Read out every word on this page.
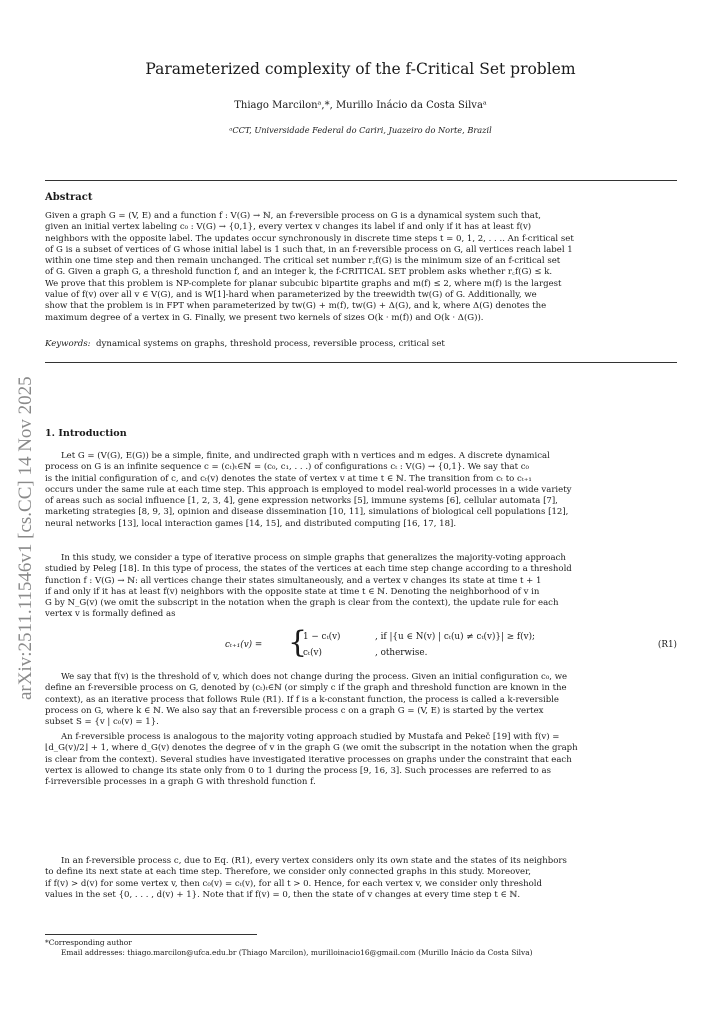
arXiv:2511.11546v1 [cs.CC] 14 Nov 2025
Parameterized complexity of the f-Critical Set problem
Thiago Marcilonᵃ,*, Murillo Inácio da Costa Silvaᵃ
ᵃCCT, Universidade Federal do Cariri, Juazeiro do Norte, Brazil
Abstract
Given a graph G = (V, E) and a function f : V(G) → ℕ, an f-reversible process on G is a dynamical system such that,
given an initial vertex labeling c₀ : V(G) → {0,1}, every vertex v changes its label if and only if it has at least f(v)
neighbors with the opposite label. The updates occur synchronously in discrete time steps t = 0, 1, 2, . . .. An f-critical set
of G is a subset of vertices of G whose initial label is 1 such that, in an f-reversible process on G, all vertices reach label 1
within one time step and then remain unchanged. The critical set number r꜀f(G) is the minimum size of an f-critical set
of G. Given a graph G, a threshold function f, and an integer k, the f-CRITICAL SET problem asks whether r꜀f(G) ≤ k.
We prove that this problem is NP-complete for planar subcubic bipartite graphs and m(f) ≤ 2, where m(f) is the largest
value of f(v) over all v ∈ V(G), and is W[1]-hard when parameterized by the treewidth tw(G) of G. Additionally, we
show that the problem is in FPT when parameterized by tw(G) + m(f), tw(G) + Δ(G), and k, where Δ(G) denotes the
maximum degree of a vertex in G. Finally, we present two kernels of sizes O(k · m(f)) and O(k · Δ(G)).
Keywords: dynamical systems on graphs, threshold process, reversible process, critical set
1. Introduction
Let G = (V(G), E(G)) be a simple, finite, and undirected graph with n vertices and m edges. A discrete dynamical
process on G is an infinite sequence c = (cₜ)ₜ∈ℕ = (c₀, c₁, . . .) of configurations cₜ : V(G) → {0,1}. We say that c₀
is the initial configuration of c, and cₜ(v) denotes the state of vertex v at time t ∈ ℕ. The transition from cₜ to cₜ₊₁
occurs under the same rule at each time step. This approach is employed to model real-world processes in a wide variety
of areas such as social influence [1, 2, 3, 4], gene expression networks [5], immune systems [6], cellular automata [7],
marketing strategies [8, 9, 3], opinion and disease dissemination [10, 11], simulations of biological cell populations [12],
neural networks [13], local interaction games [14, 15], and distributed computing [16, 17, 18].
In this study, we consider a type of iterative process on simple graphs that generalizes the majority-voting approach
studied by Peleg [18]. In this type of process, the states of the vertices at each time step change according to a threshold
function f : V(G) → ℕ: all vertices change their states simultaneously, and a vertex v changes its state at time t + 1
if and only if it has at least f(v) neighbors with the opposite state at time t ∈ ℕ. Denoting the neighborhood of v in
G by N_G(v) (we omit the subscript in the notation when the graph is clear from the context), the update rule for each
vertex v is formally defined as
cₜ₊₁(v) = {
1 − cₜ(v)	, if |{u ∈ N(v) | cₜ(u) ≠ cₜ(v)}| ≥ f(v);
cₜ(v)	, otherwise.
(R1)
We say that f(v) is the threshold of v, which does not change during the process. Given an initial configuration c₀, we
define an f-reversible process on G, denoted by (cₜ)ₜ∈ℕ (or simply c if the graph and threshold function are known in the
context), as an iterative process that follows Rule (R1). If f is a k-constant function, the process is called a k-reversible
process on G, where k ∈ ℕ. We also say that an f-reversible process c on a graph G = (V, E) is started by the vertex
subset S = {v | c₀(v) = 1}.
An f-reversible process is analogous to the majority voting approach studied by Mustafa and Pekeč [19] with f(v) =
⌊d_G(v)/2⌋ + 1, where d_G(v) denotes the degree of v in the graph G (we omit the subscript in the notation when the graph
is clear from the context). Several studies have investigated iterative processes on graphs under the constraint that each
vertex is allowed to change its state only from 0 to 1 during the process [9, 16, 3]. Such processes are referred to as
f-irreversible processes in a graph G with threshold function f.
In an f-reversible process c, due to Eq. (R1), every vertex considers only its own state and the states of its neighbors
to define its next state at each time step. Therefore, we consider only connected graphs in this study. Moreover,
if f(v) > d(v) for some vertex v, then c₀(v) = cₜ(v), for all t > 0. Hence, for each vertex v, we consider only threshold
values in the set {0, . . . , d(v) + 1}. Note that if f(v) = 0, then the state of v changes at every time step t ∈ ℕ.
*Corresponding author
Email addresses: thiago.marcilon@ufca.edu.br (Thiago Marcilon), murilloinacio16@gmail.com (Murillo Inácio da Costa Silva)
